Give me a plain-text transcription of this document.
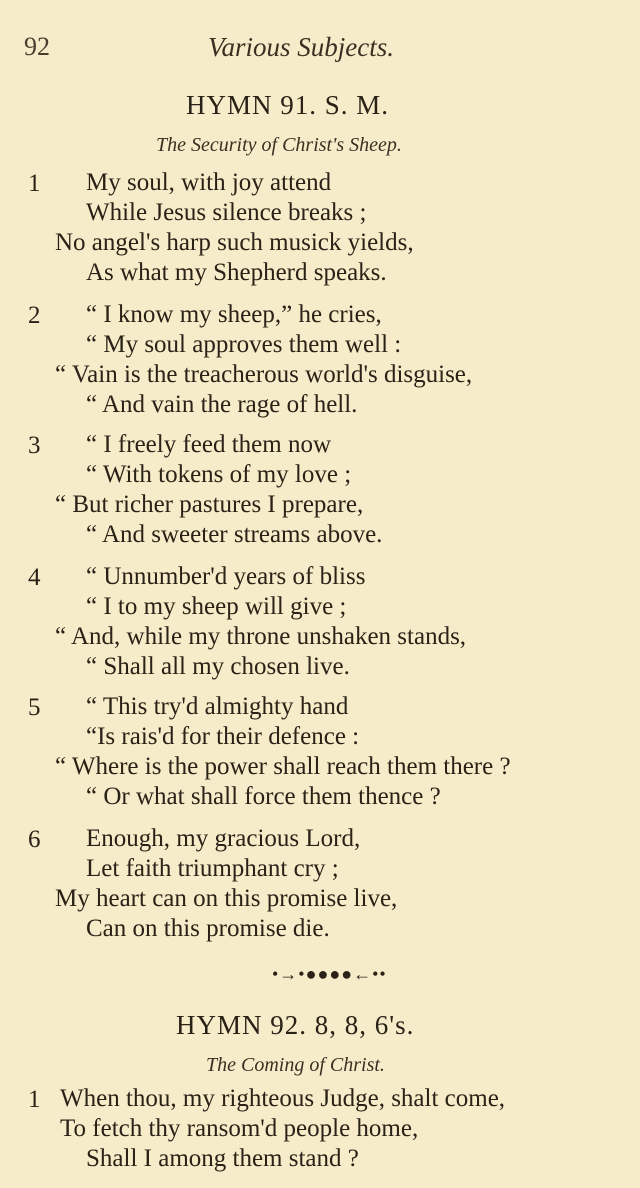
92	Various Subjects.
HYMN 91. S. M.
The Security of Christ's Sheep.
1 My soul, with joy attend
While Jesus silence breaks ;
No angel's harp such musick yields,
As what my Shepherd speaks.
2 “ I know my sheep,” he cries,
“ My soul approves them well :
“ Vain is the treacherous world's disguise,
“ And vain the rage of hell.
3 “ I freely feed them now
“ With tokens of my love ;
“ But richer pastures I prepare,
“ And sweeter streams above.
4 “ Unnumber'd years of bliss
“ I to my sheep will give ;
“ And, while my throne unshaken stands,
“ Shall all my chosen live.
5 “ This try'd almighty hand
“Is rais'd for their defence :
“ Where is the power shall reach them there ?
“ Or what shall force them thence ?
6 Enough, my gracious Lord,
Let faith triumphant cry ;
My heart can on this promise live,
Can on this promise die.
•→•●●●●←••
HYMN 92. 8, 8, 6's.
The Coming of Christ.
1 When thou, my righteous Judge, shalt come,
To fetch thy ransom'd people home,
Shall I among them stand ?
